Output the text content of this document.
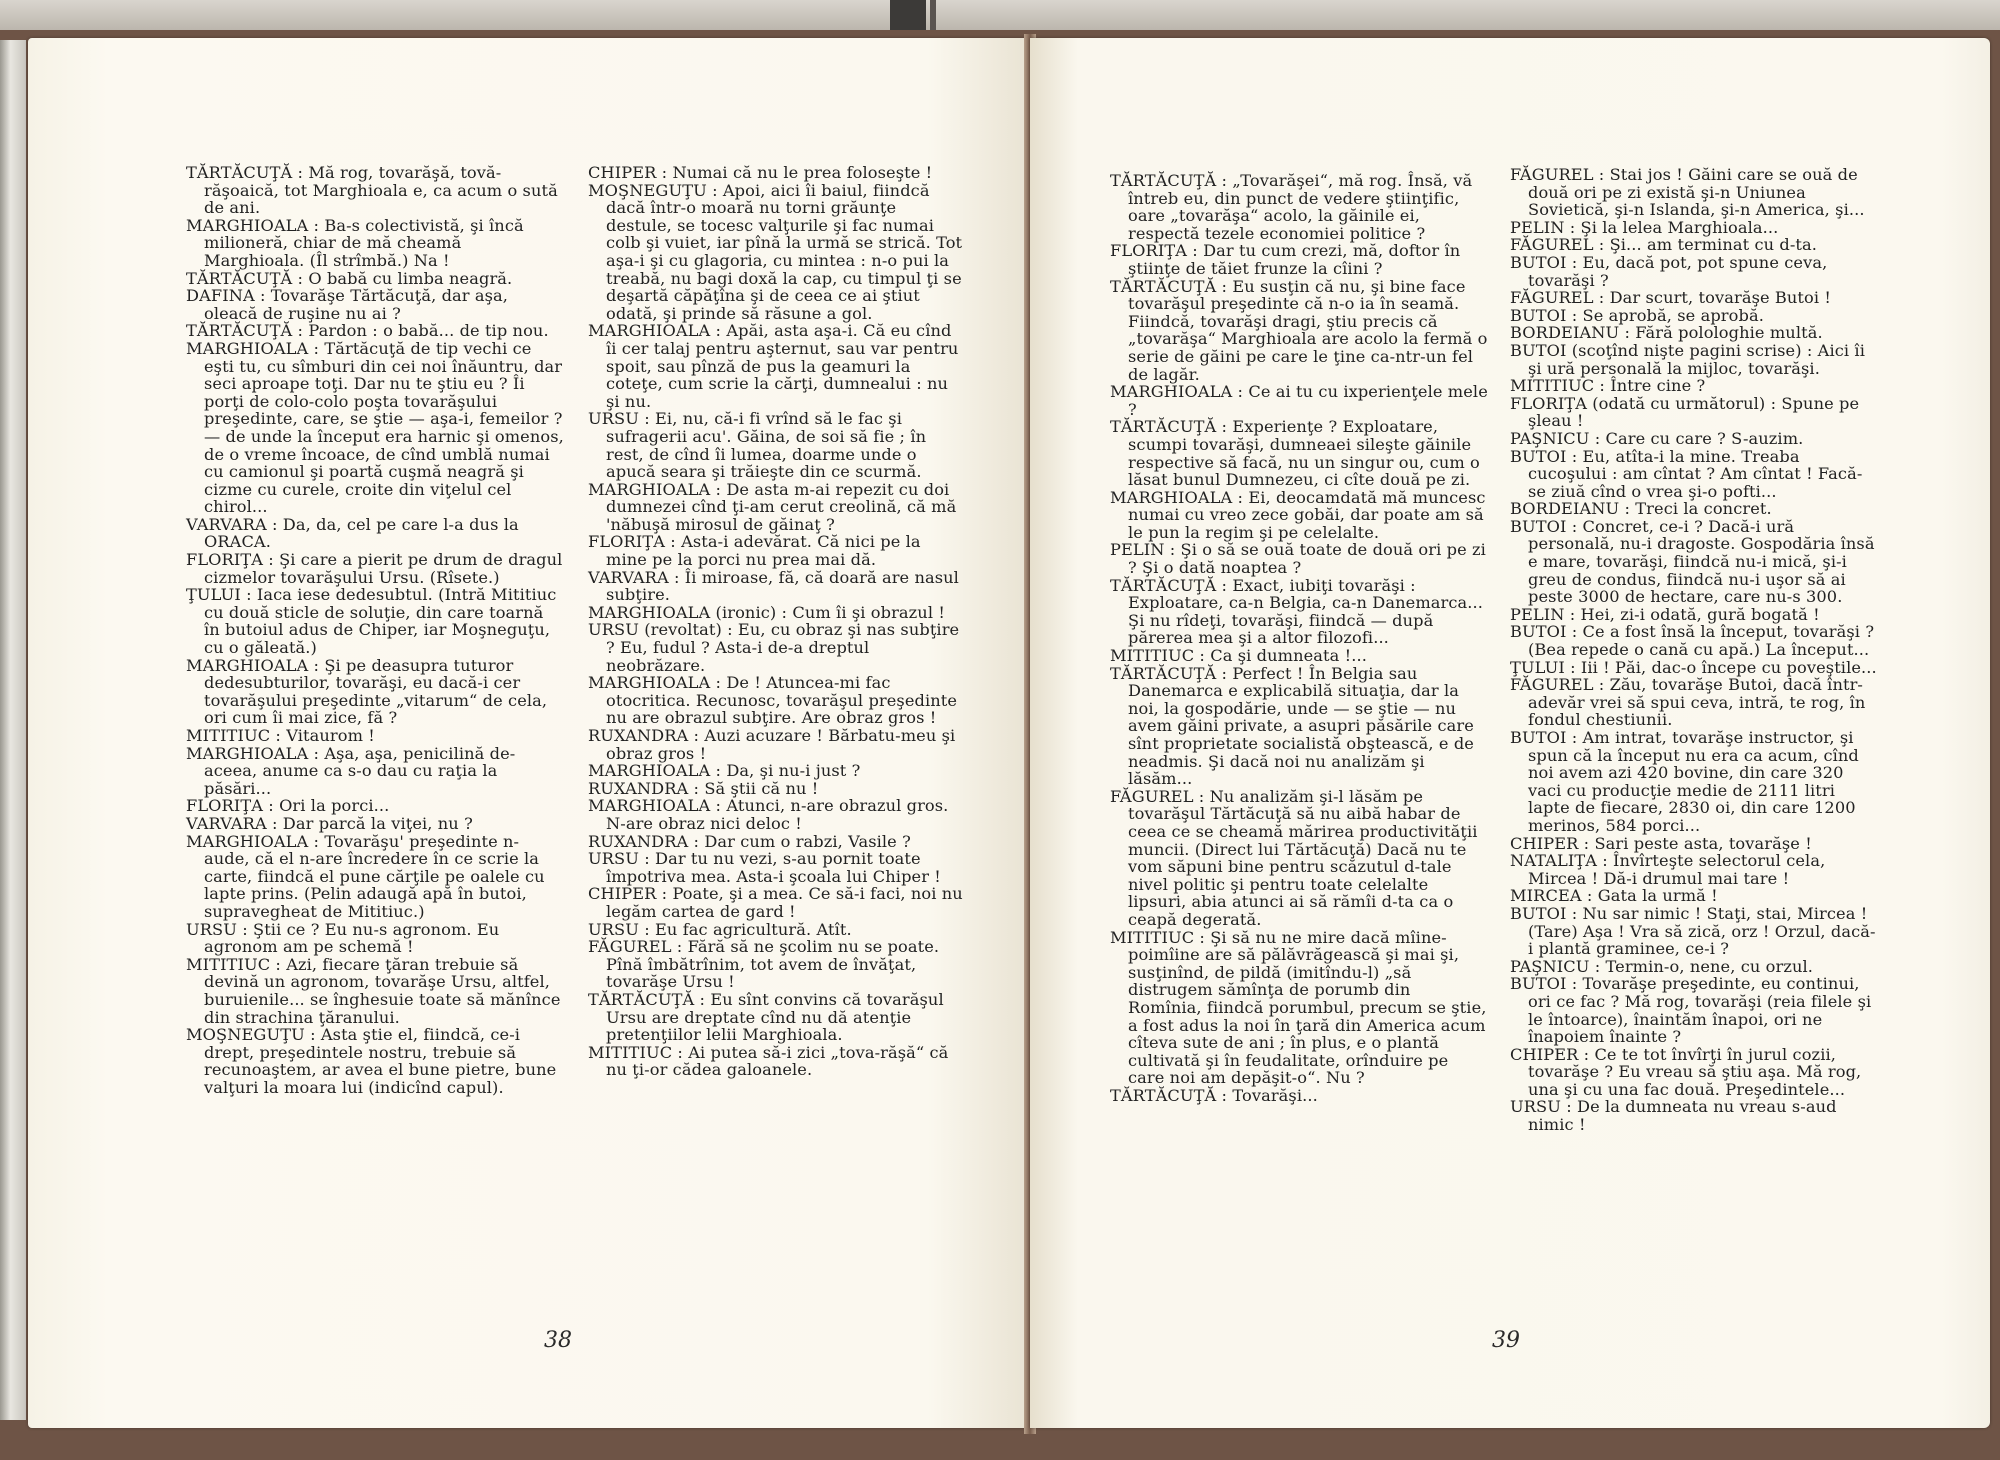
TĂRTĂCUŢĂ : Mă rog, tovarăşă, tovă-răşoaică, tot Marghioala e, ca acum o sută de ani.

MARGHIOALA : Ba-s colectivistă, şi încă milioneră, chiar de mă cheamă Marghioala. (Îl strîmbă.) Na !

TĂRTĂCUŢĂ : O babă cu limba neagră.

DAFINA : Tovarăşe Tărtăcuţă, dar aşa, oleacă de ruşine nu ai ?

TĂRTĂCUŢĂ : Pardon : o babă... de tip nou.

MARGHIOALA : Tărtăcuţă de tip vechi ce eşti tu, cu sîmburi din cei noi înăuntru, dar seci aproape toţi. Dar nu te ştiu eu ? Îi porţi de colo-colo poşta tovarăşului preşedinte, care, se ştie — aşa-i, femeilor ? — de unde la început era harnic şi omenos, de o vreme încoace, de cînd umblă numai cu camionul şi poartă cuşmă neagră şi cizme cu curele, croite din viţelul cel chirol...

VARVARA : Da, da, cel pe care l-a dus la ORACA.

FLORIŢA : Şi care a pierit pe drum de dragul cizmelor tovarăşului Ursu. (Rîsete.)

ŢULUI : Iaca iese dedesubtul. (Intră Mititiuc cu două sticle de soluţie, din care toarnă în butoiul adus de Chiper, iar Moşneguţu, cu o găleată.)

MARGHIOALA : Şi pe deasupra tuturor dedesubturilor, tovarăşi, eu dacă-i cer tovarăşului preşedinte „vitarum“ de cela, ori cum îi mai zice, fă ?

MITITIUC : Vitaurom !

MARGHIOALA : Aşa, aşa, penicilină de-aceea, anume ca s-o dau cu raţia la păsări...

FLORIŢA : Ori la porci...

VARVARA : Dar parcă la viţei, nu ?

MARGHIOALA : Tovarăşu' preşedinte n-aude, că el n-are încredere în ce scrie la carte, fiindcă el pune cărţile pe oalele cu lapte prins. (Pelin adaugă apă în butoi, supravegheat de Mititiuc.)

URSU : Ştii ce ? Eu nu-s agronom. Eu agronom am pe schemă !

MITITIUC : Azi, fiecare ţăran trebuie să devină un agronom, tovarăşe Ursu, altfel, buruienile... se înghesuie toate să mănînce din strachina ţăranului.

MOŞNEGUŢU : Asta ştie el, fiindcă, ce-i drept, preşedintele nostru, trebuie să recunoaştem, ar avea el bune pietre, bune valţuri la moara lui (indicînd capul).

CHIPER : Numai că nu le prea foloseşte !

MOŞNEGUŢU : Apoi, aici îi baiul, fiindcă dacă într-o moară nu torni grăunţe destule, se tocesc valţurile şi fac numai colb şi vuiet, iar pînă la urmă se strică. Tot aşa-i şi cu glagoria, cu mintea : n-o pui la treabă, nu bagi doxă la cap, cu timpul ţi se deşartă căpăţîna şi de ceea ce ai ştiut odată, şi prinde să răsune a gol.

MARGHIOALA : Apăi, asta aşa-i. Că eu cînd îi cer talaj pentru aşternut, sau var pentru spoit, sau pînză de pus la geamuri la coteţe, cum scrie la cărţi, dumnealui : nu şi nu.

URSU : Ei, nu, că-i fi vrînd să le fac şi sufragerii acu'. Găina, de soi să fie ; în rest, de cînd îi lumea, doarme unde o apucă seara şi trăieşte din ce scurmă.

MARGHIOALA : De asta m-ai repezit cu doi dumnezei cînd ţi-am cerut creolină, că mă 'năbuşă mirosul de găinaţ ?

FLORIŢA : Asta-i adevărat. Că nici pe la mine pe la porci nu prea mai dă.

VARVARA : Îi miroase, fă, că doară are nasul subţire.

MARGHIOALA (ironic) : Cum îi şi obrazul !

URSU (revoltat) : Eu, cu obraz şi nas subţire ? Eu, fudul ? Asta-i de-a dreptul neobrăzare.

MARGHIOALA : De ! Atuncea-mi fac otocritica. Recunosc, tovarăşul preşedinte nu are obrazul subţire. Are obraz gros !

RUXANDRA : Auzi acuzare ! Bărbatu-meu şi obraz gros !

MARGHIOALA : Da, şi nu-i just ?

RUXANDRA : Să ştii că nu !

MARGHIOALA : Atunci, n-are obrazul gros. N-are obraz nici deloc !

RUXANDRA : Dar cum o rabzi, Vasile ?

URSU : Dar tu nu vezi, s-au pornit toate împotriva mea. Asta-i şcoala lui Chiper !

CHIPER : Poate, şi a mea. Ce să-i faci, noi nu legăm cartea de gard !

URSU : Eu fac agricultură. Atît.

FĂGUREL : Fără să ne şcolim nu se poate. Pînă îmbătrînim, tot avem de învăţat, tovarăşe Ursu !

TĂRTĂCUŢĂ : Eu sînt convins că tovarăşul Ursu are dreptate cînd nu dă atenţie pretenţiilor lelii Marghioala.

MITITIUC : Ai putea să-i zici „tova-răşă“ că nu ţi-or cădea galoanele.

38

TĂRTĂCUŢĂ : „Tovarăşei“, mă rog. Însă, vă întreb eu, din punct de vedere ştiinţific, oare „tovarăşa“ acolo, la găinile ei, respectă tezele economiei politice ?

FLORIŢA : Dar tu cum crezi, mă, doftor în ştiinţe de tăiet frunze la cîini ?

TĂRTĂCUŢĂ : Eu susţin că nu, şi bine face tovarăşul preşedinte că n-o ia în seamă. Fiindcă, tovarăşi dragi, ştiu precis că „tovarăşa“ Marghioala are acolo la fermă o serie de găini pe care le ţine ca-ntr-un fel de lagăr.

MARGHIOALA : Ce ai tu cu ixperienţele mele ?

TĂRTĂCUŢĂ : Experienţe ? Exploatare, scumpi tovarăşi, dumneaei sileşte găinile respective să facă, nu un singur ou, cum o lăsat bunul Dumnezeu, ci cîte două pe zi.

MARGHIOALA : Ei, deocamdată mă muncesc numai cu vreo zece gobăi, dar poate am să le pun la regim şi pe celelalte.

PELIN : Şi o să se ouă toate de două ori pe zi ? Şi o dată noaptea ?

TĂRTĂCUŢĂ : Exact, iubiţi tovarăşi : Exploatare, ca-n Belgia, ca-n Danemarca... Şi nu rîdeţi, tovarăşi, fiindcă — după părerea mea şi a altor filozofi...

MITITIUC : Ca şi dumneata !...

TĂRTĂCUŢĂ : Perfect ! În Belgia sau Danemarca e explicabilă situaţia, dar la noi, la gospodărie, unde — se ştie — nu avem găini private, a asupri păsările care sînt proprietate socialistă obştească, e de neadmis. Şi dacă noi nu analizăm şi lăsăm...

FĂGUREL : Nu analizăm şi-l lăsăm pe tovarăşul Tărtăcuţă să nu aibă habar de ceea ce se cheamă mărirea productivităţii muncii. (Direct lui Tărtăcuţă) Dacă nu te vom săpuni bine pentru scăzutul d-tale nivel politic şi pentru toate celelalte lipsuri, abia atunci ai să rămîi d-ta ca o ceapă degerată.

MITITIUC : Şi să nu ne mire dacă mîine-poimîine are să pălăvrăgească şi mai şi, susţinînd, de pildă (imitîndu-l) „să distrugem sămînţa de porumb din Romînia, fiindcă porumbul, precum se ştie, a fost adus la noi în ţară din America acum cîteva sute de ani ; în plus, e o plantă cultivată şi în feudalitate, orînduire pe care noi am depăşit-o“. Nu ?

TĂRTĂCUŢĂ : Tovarăşi...

FĂGUREL : Stai jos ! Găini care se ouă de două ori pe zi există şi-n Uniunea Sovietică, şi-n Islanda, şi-n America, şi...

PELIN : Şi la lelea Marghioala...

FĂGUREL : Şi... am terminat cu d-ta.

BUTOI : Eu, dacă pot, pot spune ceva, tovarăşi ?

FĂGUREL : Dar scurt, tovarăşe Butoi !

BUTOI : Se aprobă, se aprobă.

BORDEIANU : Fără polologhie multă.

BUTOI (scoţînd nişte pagini scrise) : Aici îi şi ură personală la mijloc, tovarăşi.

MITITIUC : Între cine ?

FLORIŢA (odată cu următorul) : Spune pe şleau !

PAŞNICU : Care cu care ? S-auzim.

BUTOI : Eu, atîta-i la mine. Treaba cucoşului : am cîntat ? Am cîntat ! Facă-se ziuă cînd o vrea şi-o pofti...

BORDEIANU : Treci la concret.

BUTOI : Concret, ce-i ? Dacă-i ură personală, nu-i dragoste. Gospodăria însă e mare, tovarăşi, fiindcă nu-i mică, şi-i greu de condus, fiindcă nu-i uşor să ai peste 3000 de hectare, care nu-s 300.

PELIN : Hei, zi-i odată, gură bogată !

BUTOI : Ce a fost însă la început, tovarăşi ? (Bea repede o cană cu apă.) La început...

ŢULUI : Iii ! Păi, dac-o începe cu poveştile...

FĂGUREL : Zău, tovarăşe Butoi, dacă într-adevăr vrei să spui ceva, intră, te rog, în fondul chestiunii.

BUTOI : Am intrat, tovarăşe instructor, şi spun că la început nu era ca acum, cînd noi avem azi 420 bovine, din care 320 vaci cu producţie medie de 2111 litri lapte de fiecare, 2830 oi, din care 1200 merinos, 584 porci...

CHIPER : Sari peste asta, tovarăşe !

NATALIŢA : Învîrteşte selectorul cela, Mircea ! Dă-i drumul mai tare !

MIRCEA : Gata la urmă !

BUTOI : Nu sar nimic ! Staţi, stai, Mircea ! (Tare) Aşa ! Vra să zică, orz ! Orzul, dacă-i plantă graminee, ce-i ?

PAŞNICU : Termin-o, nene, cu orzul.

BUTOI : Tovarăşe preşedinte, eu continui, ori ce fac ? Mă rog, tovarăşi (reia filele şi le întoarce), înaintăm înapoi, ori ne înapoiem înainte ?

CHIPER : Ce te tot învîrţi în jurul cozii, tovarăşe ? Eu vreau să ştiu aşa. Mă rog, una şi cu una fac două. Preşedintele...

URSU : De la dumneata nu vreau s-aud nimic !

39
